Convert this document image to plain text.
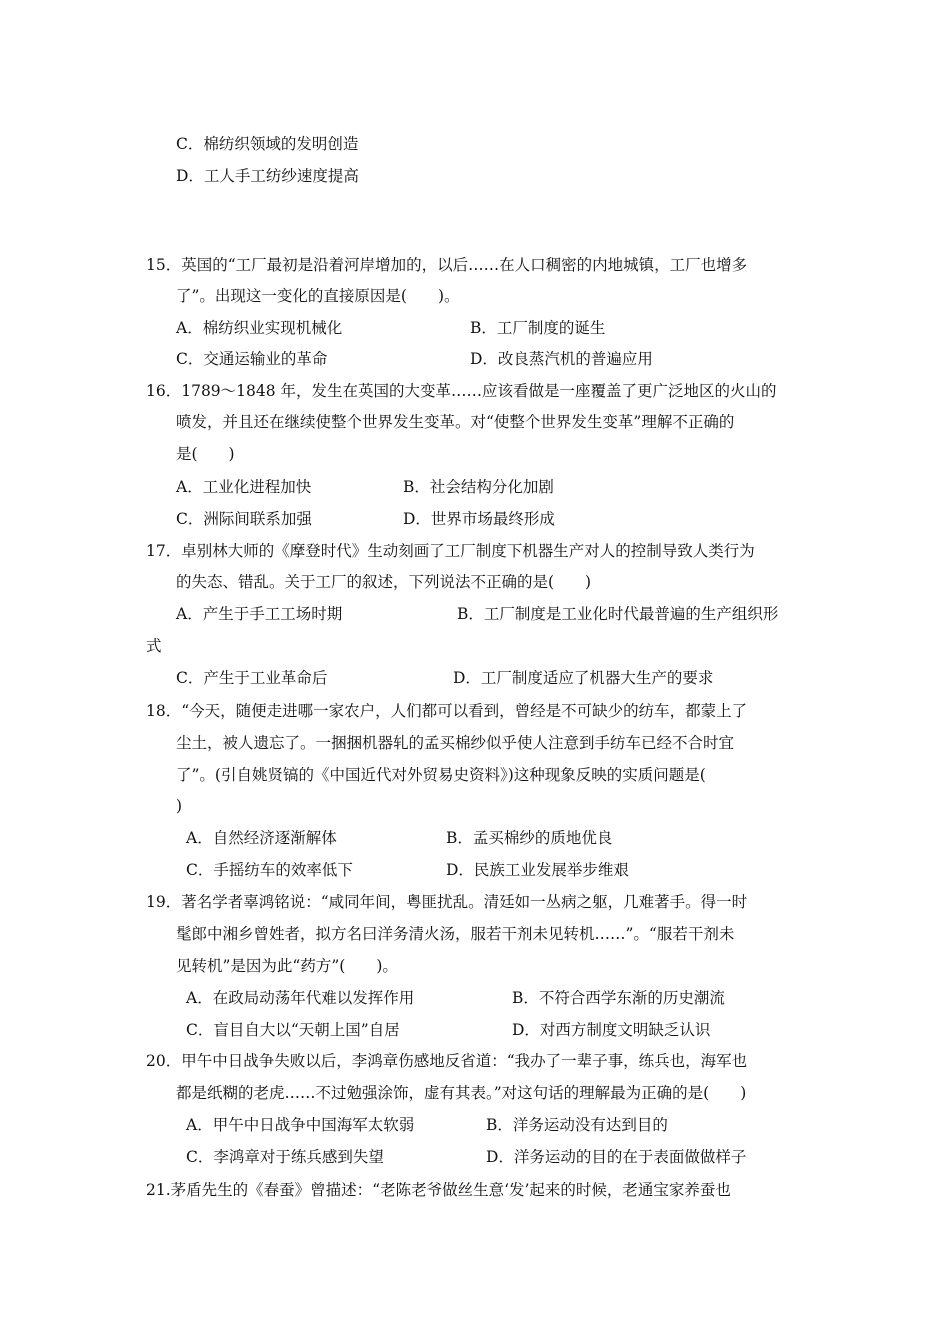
C．棉纺织领域的发明创造
D．工人手工纺纱速度提高
15．英国的“工厂最初是沿着河岸增加的，以后……在人口稠密的内地城镇，工厂也增多
了”。出现这一变化的直接原因是(　　)。
A．棉纺织业实现机械化	B．工厂制度的诞生
C．交通运输业的革命	D．改良蒸汽机的普遍应用
16．1789～1848 年，发生在英国的大变革……应该看做是一座覆盖了更广泛地区的火山的
喷发，并且还在继续使整个世界发生变革。对“使整个世界发生变革”理解不正确的
是(　　)
A．工业化进程加快	B．社会结构分化加剧
C．洲际间联系加强	D．世界市场最终形成
17．卓别林大师的《摩登时代》生动刻画了工厂制度下机器生产对人的控制导致人类行为
的失态、错乱。关于工厂的叙述，下列说法不正确的是(　　)
A．产生于手工工场时期	B．工厂制度是工业化时代最普遍的生产组织形
式
C．产生于工业革命后	D．工厂制度适应了机器大生产的要求
18．“今天，随便走进哪一家农户，人们都可以看到，曾经是不可缺少的纺车，都蒙上了
尘土，被人遗忘了。一捆捆机器轧的孟买棉纱似乎使人注意到手纺车已经不合时宜
了”。(引自姚贤镐的《中国近代对外贸易史资料》)这种现象反映的实质问题是(
)
A．自然经济逐渐解体	B．孟买棉纱的质地优良
C．手摇纺车的效率低下	D．民族工业发展举步维艰
19．著名学者辜鸿铭说：“咸同年间，粤匪扰乱。清廷如一丛病之躯，几难著手。得一时
髦郎中湘乡曾姓者，拟方名曰洋务清火汤，服若干剂未见转机……”。“服若干剂未
见转机”是因为此“药方”(　　)。
A．在政局动荡年代难以发挥作用	B．不符合西学东渐的历史潮流
C．盲目自大以“天朝上国”自居	D．对西方制度文明缺乏认识
20．甲午中日战争失败以后，李鸿章伤感地反省道：“我办了一辈子事，练兵也，海军也
都是纸糊的老虎……不过勉强涂饰，虚有其表。”对这句话的理解最为正确的是(　　)
A．甲午中日战争中国海军太软弱	B．洋务运动没有达到目的
C．李鸿章对于练兵感到失望	D．洋务运动的目的在于表面做做样子
21.茅盾先生的《春蚕》曾描述：“老陈老爷做丝生意‘发’起来的时候，老通宝家养蚕也
